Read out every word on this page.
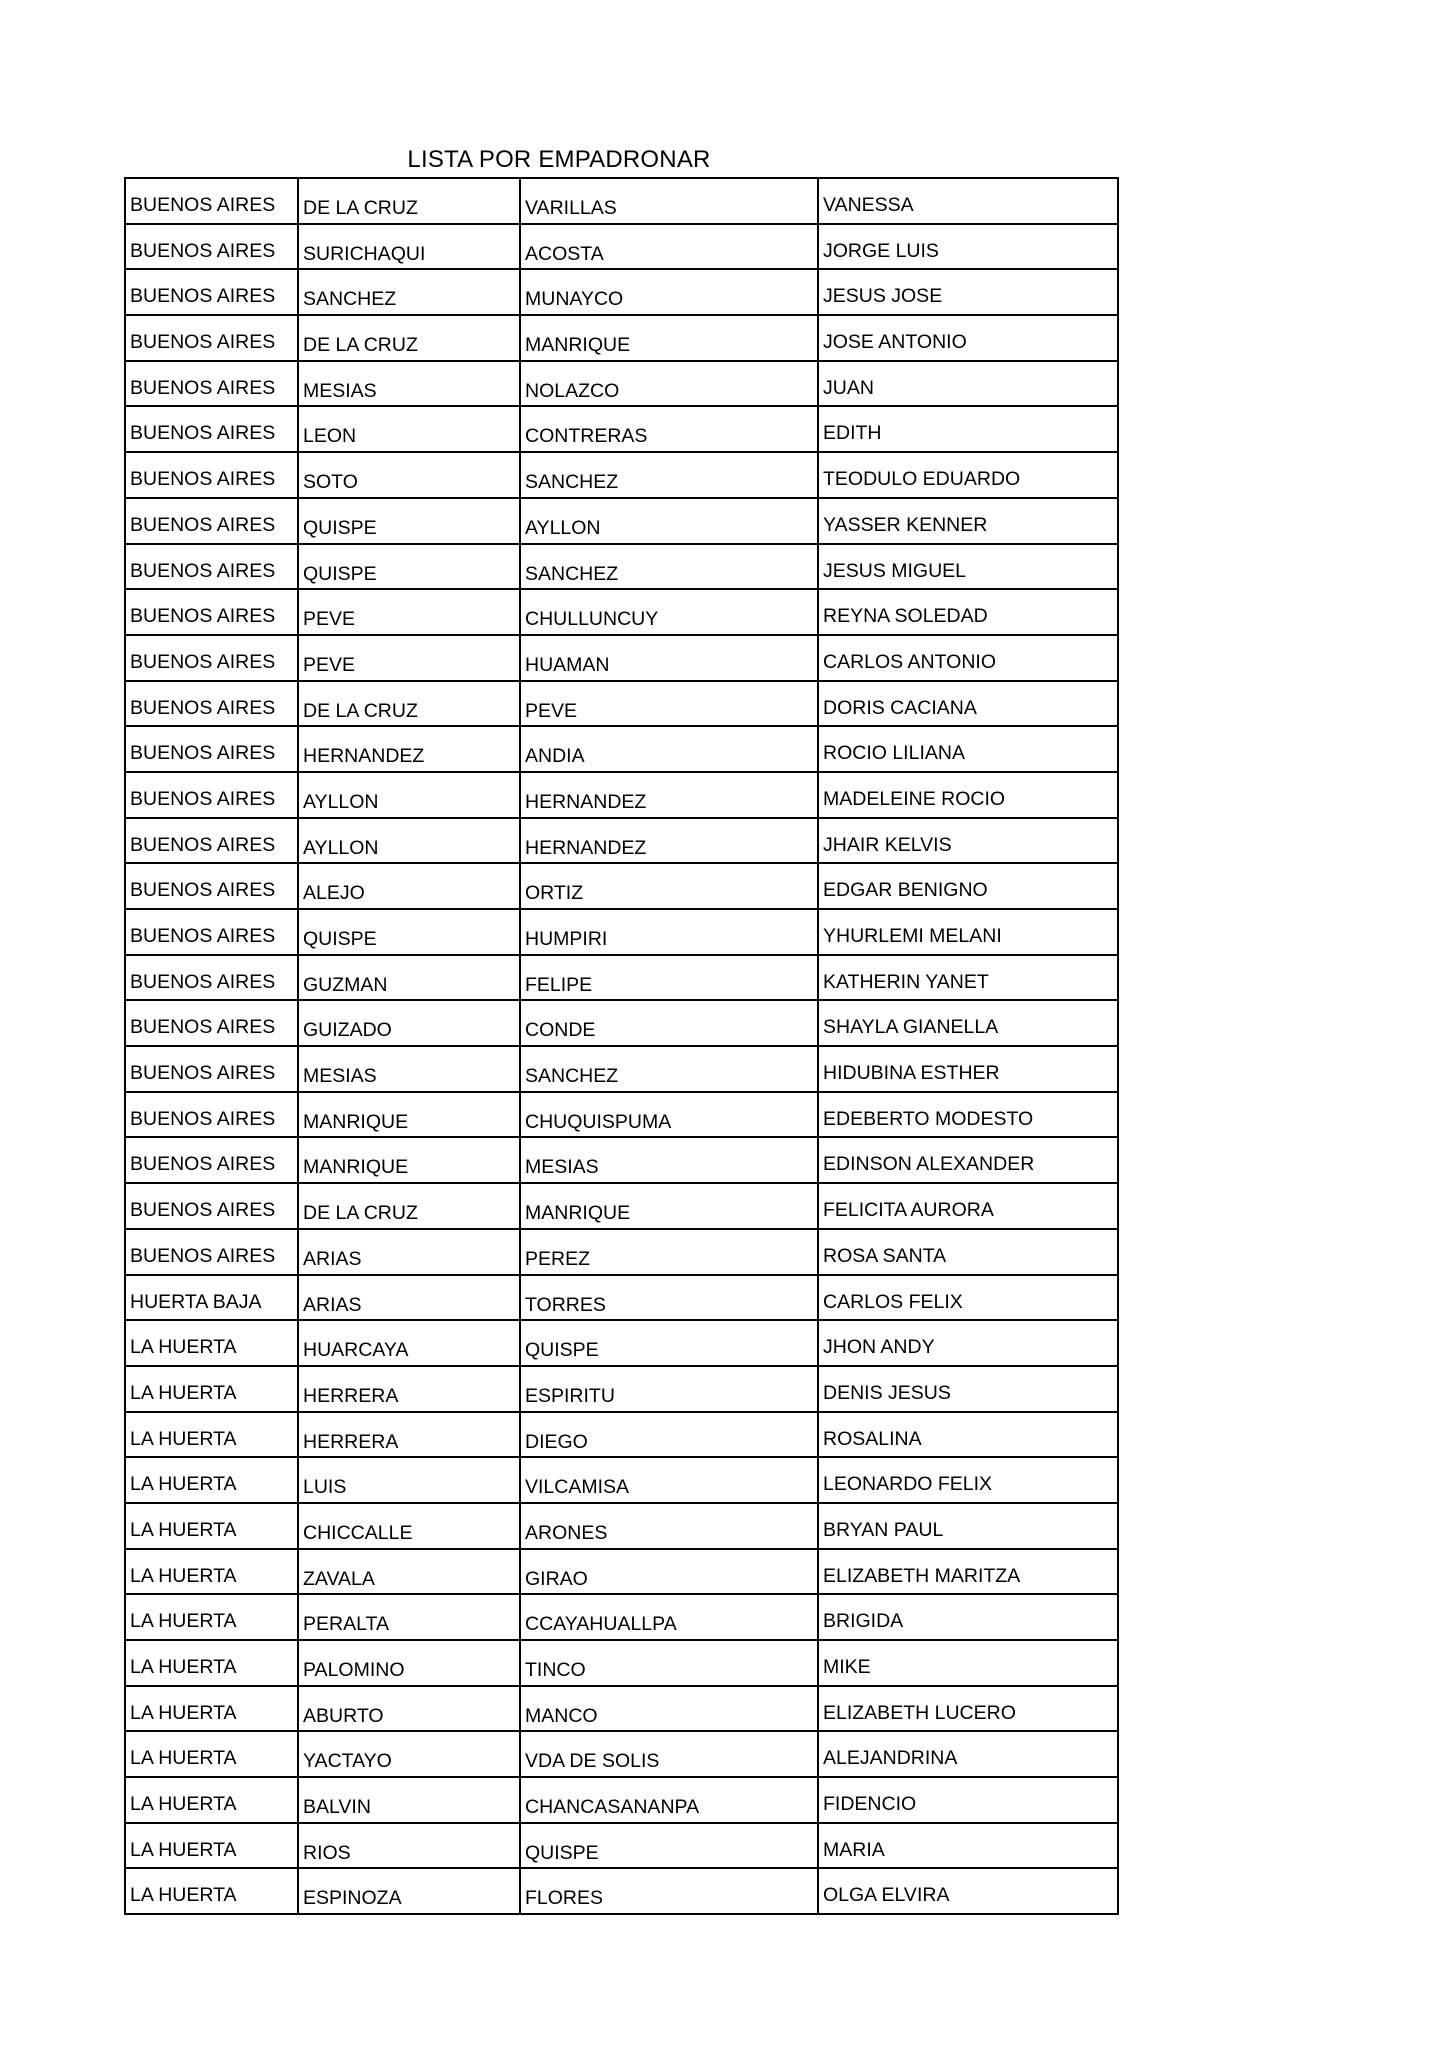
LISTA POR EMPADRONAR
BUENOS AIRES	DE LA CRUZ	VARILLAS	VANESSA
BUENOS AIRES	SURICHAQUI	ACOSTA	JORGE LUIS
BUENOS AIRES	SANCHEZ	MUNAYCO	JESUS JOSE
BUENOS AIRES	DE LA CRUZ	MANRIQUE	JOSE ANTONIO
BUENOS AIRES	MESIAS	NOLAZCO	JUAN
BUENOS AIRES	LEON	CONTRERAS	EDITH
BUENOS AIRES	SOTO	SANCHEZ	TEODULO EDUARDO
BUENOS AIRES	QUISPE	AYLLON	YASSER KENNER
BUENOS AIRES	QUISPE	SANCHEZ	JESUS MIGUEL
BUENOS AIRES	PEVE	CHULLUNCUY	REYNA SOLEDAD
BUENOS AIRES	PEVE	HUAMAN	CARLOS ANTONIO
BUENOS AIRES	DE LA CRUZ	PEVE	DORIS CACIANA
BUENOS AIRES	HERNANDEZ	ANDIA	ROCIO LILIANA
BUENOS AIRES	AYLLON	HERNANDEZ	MADELEINE ROCIO
BUENOS AIRES	AYLLON	HERNANDEZ	JHAIR KELVIS
BUENOS AIRES	ALEJO	ORTIZ	EDGAR BENIGNO
BUENOS AIRES	QUISPE	HUMPIRI	YHURLEMI MELANI
BUENOS AIRES	GUZMAN	FELIPE	KATHERIN YANET
BUENOS AIRES	GUIZADO	CONDE	SHAYLA GIANELLA
BUENOS AIRES	MESIAS	SANCHEZ	HIDUBINA ESTHER
BUENOS AIRES	MANRIQUE	CHUQUISPUMA	EDEBERTO MODESTO
BUENOS AIRES	MANRIQUE	MESIAS	EDINSON ALEXANDER
BUENOS AIRES	DE LA CRUZ	MANRIQUE	FELICITA AURORA
BUENOS AIRES	ARIAS	PEREZ	ROSA SANTA
HUERTA BAJA	ARIAS	TORRES	CARLOS FELIX
LA HUERTA	HUARCAYA	QUISPE	JHON ANDY
LA HUERTA	HERRERA	ESPIRITU	DENIS JESUS
LA HUERTA	HERRERA	DIEGO	ROSALINA
LA HUERTA	LUIS	VILCAMISA	LEONARDO FELIX
LA HUERTA	CHICCALLE	ARONES	BRYAN PAUL
LA HUERTA	ZAVALA	GIRAO	ELIZABETH MARITZA
LA HUERTA	PERALTA	CCAYAHUALLPA	BRIGIDA
LA HUERTA	PALOMINO	TINCO	MIKE
LA HUERTA	ABURTO	MANCO	ELIZABETH LUCERO
LA HUERTA	YACTAYO	VDA DE SOLIS	ALEJANDRINA
LA HUERTA	BALVIN	CHANCASANANPA	FIDENCIO
LA HUERTA	RIOS	QUISPE	MARIA
LA HUERTA	ESPINOZA	FLORES	OLGA ELVIRA
